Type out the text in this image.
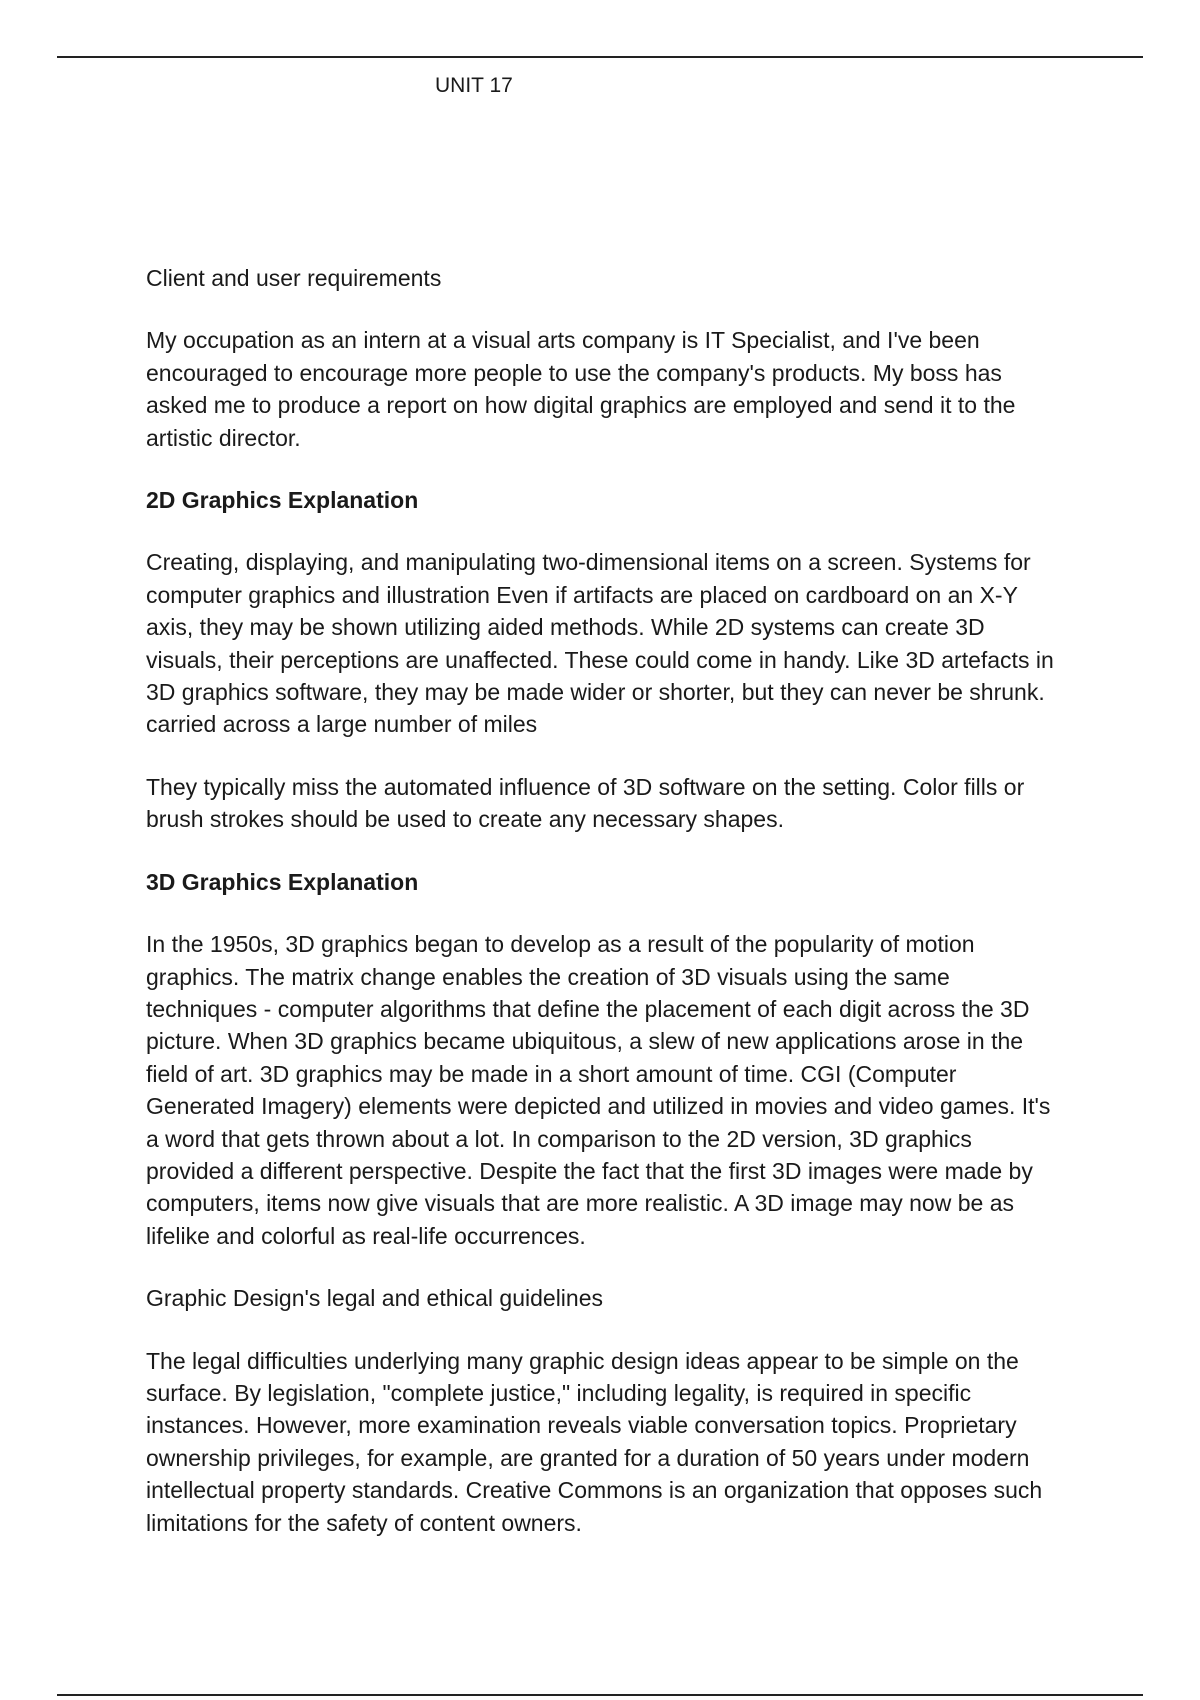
UNIT 17

Client and user requirements

My occupation as an intern at a visual arts company is IT Specialist, and I've been encouraged to encourage more people to use the company's products. My boss has asked me to produce a report on how digital graphics are employed and send it to the artistic director.

2D Graphics Explanation

Creating, displaying, and manipulating two-dimensional items on a screen. Systems for computer graphics and illustration Even if artifacts are placed on cardboard on an X-Y axis, they may be shown utilizing aided methods. While 2D systems can create 3D visuals, their perceptions are unaffected. These could come in handy. Like 3D artefacts in 3D graphics software, they may be made wider or shorter, but they can never be shrunk. carried across a large number of miles

They typically miss the automated influence of 3D software on the setting. Color fills or brush strokes should be used to create any necessary shapes.

3D Graphics Explanation

In the 1950s, 3D graphics began to develop as a result of the popularity of motion graphics. The matrix change enables the creation of 3D visuals using the same techniques - computer algorithms that define the placement of each digit across the 3D picture. When 3D graphics became ubiquitous, a slew of new applications arose in the field of art. 3D graphics may be made in a short amount of time. CGI (Computer Generated Imagery) elements were depicted and utilized in movies and video games. It's a word that gets thrown about a lot. In comparison to the 2D version, 3D graphics provided a different perspective. Despite the fact that the first 3D images were made by computers, items now give visuals that are more realistic. A 3D image may now be as lifelike and colorful as real-life occurrences.

Graphic Design's legal and ethical guidelines

The legal difficulties underlying many graphic design ideas appear to be simple on the surface. By legislation, "complete justice," including legality, is required in specific instances. However, more examination reveals viable conversation topics. Proprietary ownership privileges, for example, are granted for a duration of 50 years under modern intellectual property standards. Creative Commons is an organization that opposes such limitations for the safety of content owners.
